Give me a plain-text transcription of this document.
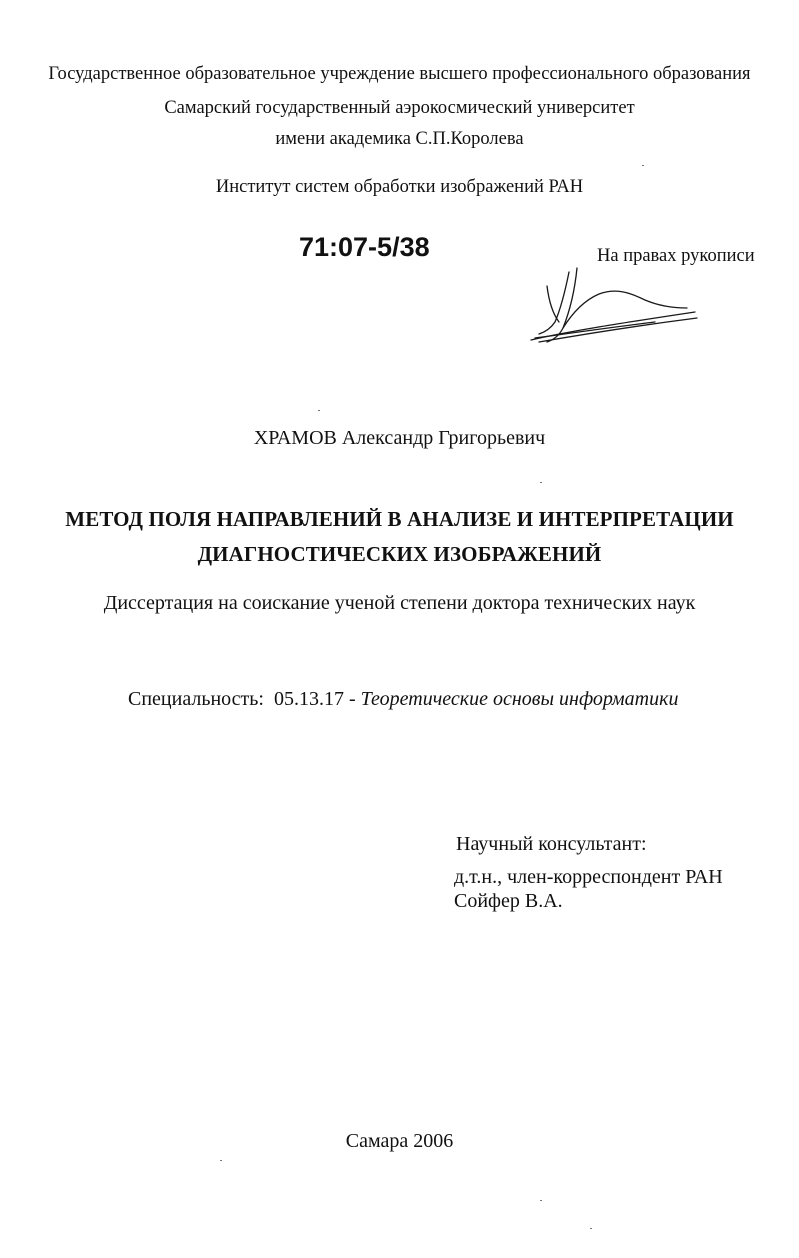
Государственное образовательное учреждение высшего профессионального образования
Самарский государственный аэрокосмический университет
имени академика С.П.Королева
Институт систем обработки изображений РАН
71:07-5/38	На правах рукописи
ХРАМОВ Александр Григорьевич
МЕТОД ПОЛЯ НАПРАВЛЕНИЙ В АНАЛИЗЕ И ИНТЕРПРЕТАЦИИ
ДИАГНОСТИЧЕСКИХ ИЗОБРАЖЕНИЙ
Диссертация на соискание ученой степени доктора технических наук
Специальность: 05.13.17 - Теоретические основы информатики
Научный консультант:
д.т.н., член-корреспондент РАН
Сойфер В.А.
Самара 2006
